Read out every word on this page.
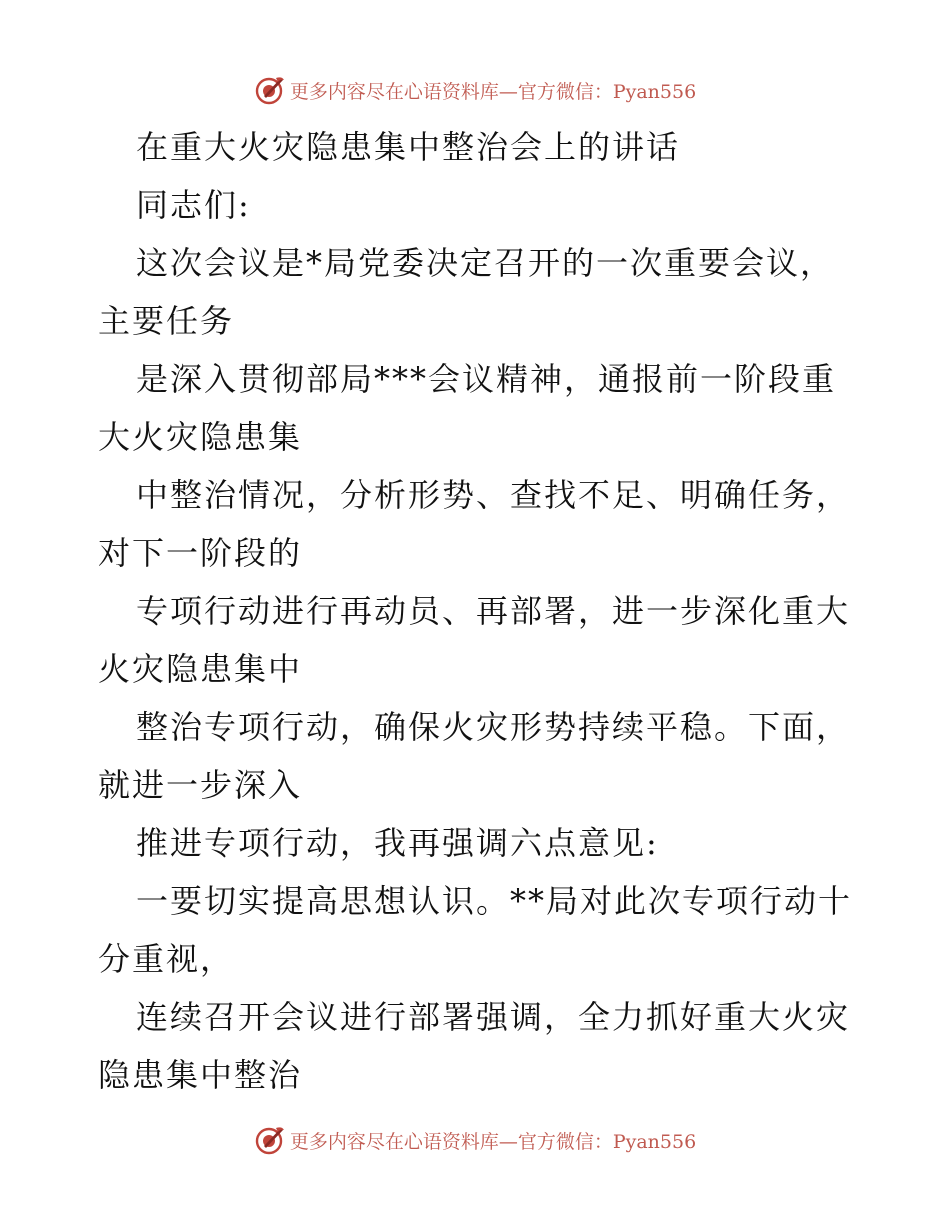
更多内容尽在心语资料库—官方微信：Pyan556
在重大火灾隐患集中整治会上的讲话
同志们:
这次会议是*局党委决定召开的一次重要会议，
主要任务
是深入贯彻部局***会议精神，通报前一阶段重
大火灾隐患集
中整治情况，分析形势、查找不足、明确任务，
对下一阶段的
专项行动进行再动员、再部署，进一步深化重大
火灾隐患集中
整治专项行动，确保火灾形势持续平稳。下面，
就进一步深入
推进专项行动，我再强调六点意见:
一要切实提高思想认识。**局对此次专项行动十
分重视，
连续召开会议进行部署强调，全力抓好重大火灾
隐患集中整治
更多内容尽在心语资料库—官方微信：Pyan556
